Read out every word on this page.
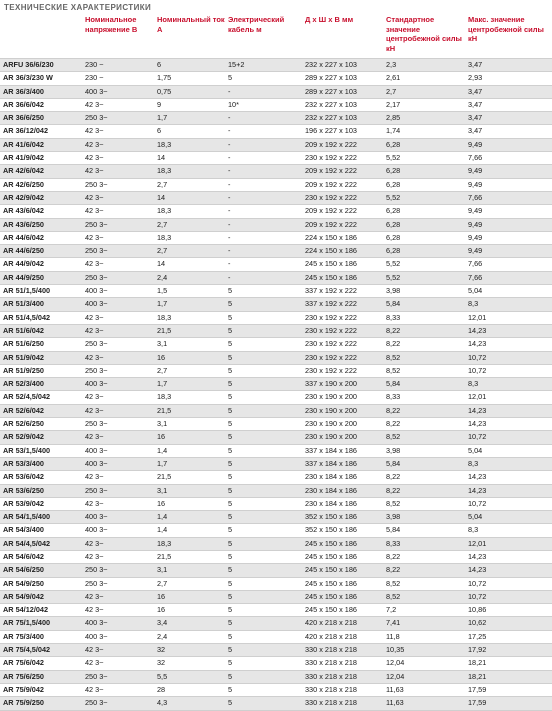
ТЕХНИЧЕСКИЕ ХАРАКТЕРИСТИКИ
	Номинальное напряжение В	Номинальный ток А	Электрический кабель м	Д х Ш х В мм	Стандартное значение центробежной силы кН	Макс. значение центробежной силы кН
ARFU 36/6/230	230 ~	6	15+2	232 x 227 x 103	2,3	3,47
AR 36/3/230 W	230 ~	1,75	5	289 x 227 x 103	2,61	2,93
AR 36/3/400	400 3~	0,75	-	289 x 227 x 103	2,7	3,47
AR 36/6/042	42 3~	9	10*	232 x 227 x 103	2,17	3,47
AR 36/6/250	250 3~	1,7	-	232 x 227 x 103	2,85	3,47
AR 36/12/042	42 3~	6	-	196 x 227 x 103	1,74	3,47
AR 41/6/042	42 3~	18,3	-	209 x 192 x 222	6,28	9,49
AR 41/9/042	42 3~	14	-	230 x 192 x 222	5,52	7,66
AR 42/6/042	42 3~	18,3	-	209 x 192 x 222	6,28	9,49
AR 42/6/250	250 3~	2,7	-	209 x 192 x 222	6,28	9,49
AR 42/9/042	42 3~	14	-	230 x 192 x 222	5,52	7,66
AR 43/6/042	42 3~	18,3	-	209 x 192 x 222	6,28	9,49
AR 43/6/250	250 3~	2,7	-	209 x 192 x 222	6,28	9,49
AR 44/6/042	42 3~	18,3	-	224 x 150 x 186	6,28	9,49
AR 44/6/250	250 3~	2,7	-	224 x 150 x 186	6,28	9,49
AR 44/9/042	42 3~	14	-	245 x 150 x 186	5,52	7,66
AR 44/9/250	250 3~	2,4	-	245 x 150 x 186	5,52	7,66
AR 51/1,5/400	400 3~	1,5	5	337 x 192 x 222	3,98	5,04
AR 51/3/400	400 3~	1,7	5	337 x 192 x 222	5,84	8,3
AR 51/4,5/042	42 3~	18,3	5	230 x 192 x 222	8,33	12,01
AR 51/6/042	42 3~	21,5	5	230 x 192 x 222	8,22	14,23
AR 51/6/250	250 3~	3,1	5	230 x 192 x 222	8,22	14,23
AR 51/9/042	42 3~	16	5	230 x 192 x 222	8,52	10,72
AR 51/9/250	250 3~	2,7	5	230 x 192 x 222	8,52	10,72
AR 52/3/400	400 3~	1,7	5	337 x 190 x 200	5,84	8,3
AR 52/4,5/042	42 3~	18,3	5	230 x 190 x 200	8,33	12,01
AR 52/6/042	42 3~	21,5	5	230 x 190 x 200	8,22	14,23
AR 52/6/250	250 3~	3,1	5	230 x 190 x 200	8,22	14,23
AR 52/9/042	42 3~	16	5	230 x 190 x 200	8,52	10,72
AR 53/1,5/400	400 3~	1,4	5	337 x 184 x 186	3,98	5,04
AR 53/3/400	400 3~	1,7	5	337 x 184 x 186	5,84	8,3
AR 53/6/042	42 3~	21,5	5	230 x 184 x 186	8,22	14,23
AR 53/6/250	250 3~	3,1	5	230 x 184 x 186	8,22	14,23
AR 53/9/042	42 3~	16	5	230 x 184 x 186	8,52	10,72
AR 54/1,5/400	400 3~	1,4	5	352 x 150 x 186	3,98	5,04
AR 54/3/400	400 3~	1,4	5	352 x 150 x 186	5,84	8,3
AR 54/4,5/042	42 3~	18,3	5	245 x 150 x 186	8,33	12,01
AR 54/6/042	42 3~	21,5	5	245 x 150 x 186	8,22	14,23
AR 54/6/250	250 3~	3,1	5	245 x 150 x 186	8,22	14,23
AR 54/9/250	250 3~	2,7	5	245 x 150 x 186	8,52	10,72
AR 54/9/042	42 3~	16	5	245 x 150 x 186	8,52	10,72
AR 54/12/042	42 3~	16	5	245 x 150 x 186	7,2	10,86
AR 75/1,5/400	400 3~	3,4	5	420 x 218 x 218	7,41	10,62
AR 75/3/400	400 3~	2,4	5	420 x 218 x 218	11,8	17,25
AR 75/4,5/042	42 3~	32	5	330 x 218 x 218	10,35	17,92
AR 75/6/042	42 3~	32	5	330 x 218 x 218	12,04	18,21
AR 75/6/250	250 3~	5,5	5	330 x 218 x 218	12,04	18,21
AR 75/9/042	42 3~	28	5	330 x 218 x 218	11,63	17,59
AR 75/9/250	250 3~	4,3	5	330 x 218 x 218	11,63	17,59
